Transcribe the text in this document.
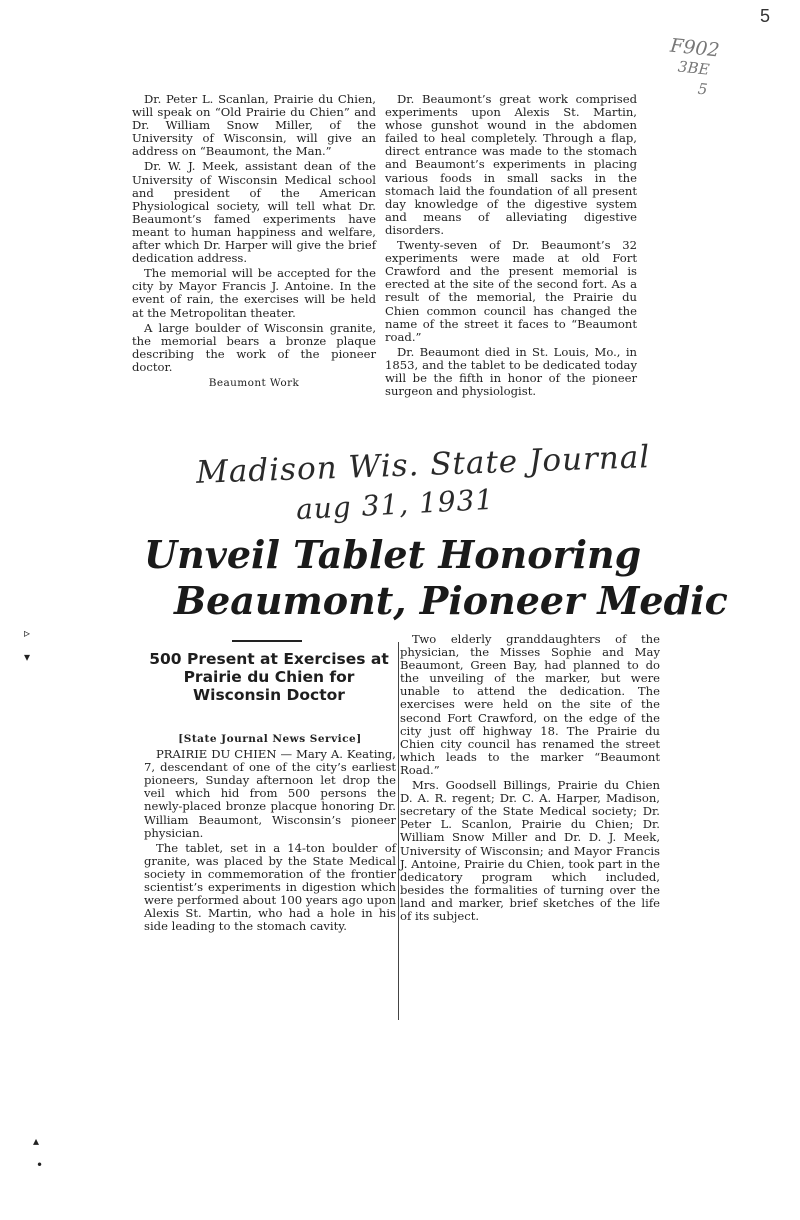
5
F902
3BE
5

Dr. Peter L. Scanlan, Prairie du Chien, will speak on “Old Prairie du Chien” and Dr. William Snow Miller, of the University of Wisconsin, will give an address on “Beaumont, the Man.”

Dr. W. J. Meek, assistant dean of the University of Wisconsin Medical school and president of the American Physiological society, will tell what Dr. Beaumont’s famed experiments have meant to human happiness and welfare, after which Dr. Harper will give the brief dedication address.

The memorial will be accepted for the city by Mayor Francis J. Antoine. In the event of rain, the exercises will be held at the Metropolitan theater.

A large boulder of Wisconsin granite, the memorial bears a bronze plaque describing the work of the pioneer doctor.

Beaumont Work

Dr. Beaumont’s great work comprised experiments upon Alexis St. Martin, whose gunshot wound in the abdomen failed to heal completely. Through a flap, direct entrance was made to the stomach and Beaumont’s experiments in placing various foods in small sacks in the stomach laid the foundation of all present day knowledge of the digestive system and means of alleviating digestive disorders.

Twenty-seven of Dr. Beaumont’s 32 experiments were made at old Fort Crawford and the present memorial is erected at the site of the second fort. As a result of the memorial, the Prairie du Chien common council has changed the name of the street it faces to “Beaumont road.”

Dr. Beaumont died in St. Louis, Mo., in 1853, and the tablet to be dedicated today will be the fifth in honor of the pioneer surgeon and physiologist.

Madison Wis. State Journal
aug 31, 1931
Unveil Tablet Honoring
Beaumont, Pioneer Medic
500 Present at Exercises at Prairie du Chien for Wisconsin Doctor

[State Journal News Service]

PRAIRIE DU CHIEN — Mary A. Keating, 7, descendant of one of the city’s earliest pioneers, Sunday afternoon let drop the veil which hid from 500 persons the newly-placed bronze placque honoring Dr. William Beaumont, Wisconsin’s pioneer physician.

The tablet, set in a 14-ton boulder of granite, was placed by the State Medical society in commemoration of the frontier scientist’s experiments in digestion which were performed about 100 years ago upon Alexis St. Martin, who had a hole in his side leading to the stomach cavity.

Two elderly granddaughters of the physician, the Misses Sophie and May Beaumont, Green Bay, had planned to do the unveiling of the marker, but were unable to attend the dedication. The exercises were held on the site of the second Fort Crawford, on the edge of the city just off highway 18. The Prairie du Chien city council has renamed the street which leads to the marker “Beaumont Road.”

Mrs. Goodsell Billings, Prairie du Chien D. A. R. regent; Dr. C. A. Harper, Madison, secretary of the State Medical society; Dr. Peter L. Scanlon, Prairie du Chien; Dr. William Snow Miller and Dr. D. J. Meek, University of Wisconsin; and Mayor Francis J. Antoine, Prairie du Chien, took part in the dedicatory program which included, besides the formalities of turning over the land and marker, brief sketches of the life of its subject.

▹
▾
▴
•
